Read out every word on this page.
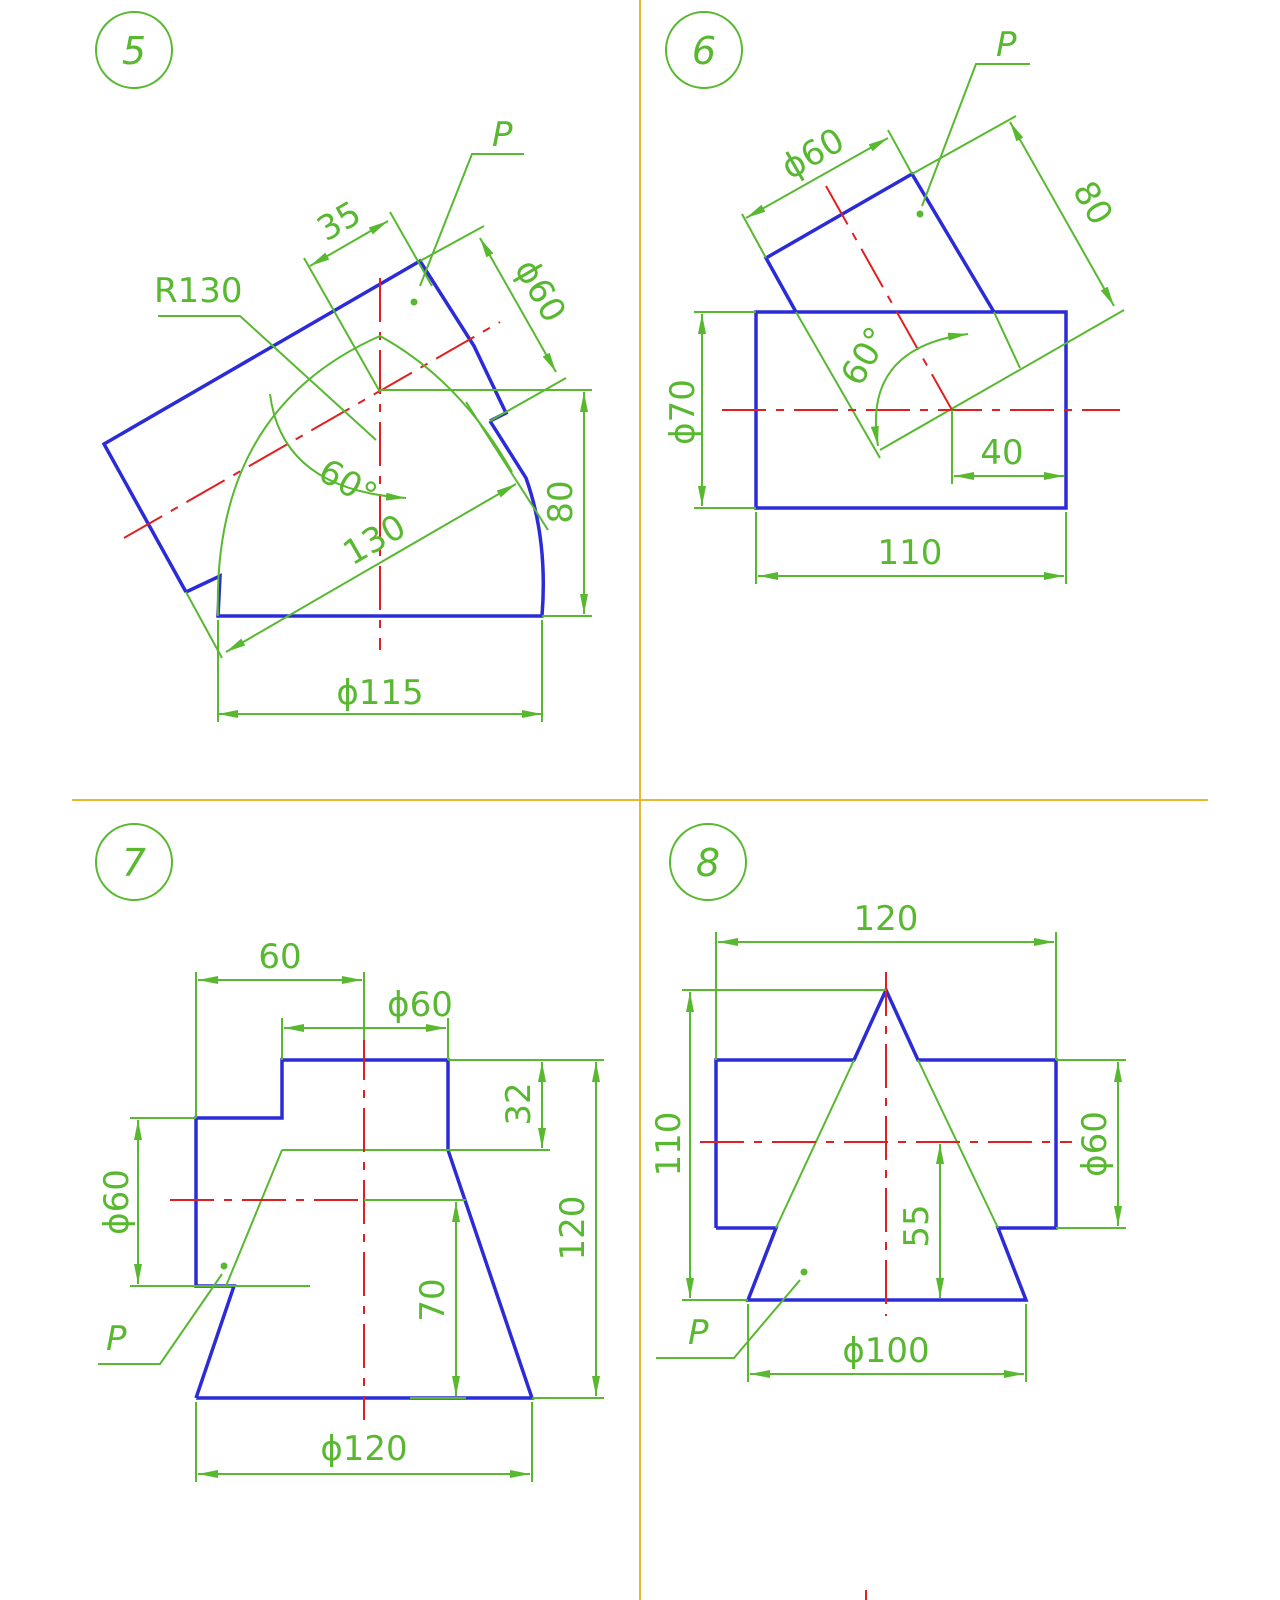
5
R130
60°
35
ϕ60
130
80
ϕ115
P
6
60°
ϕ60
80
ϕ70
40
110
P
7
60
ϕ60
32
120
70
ϕ60
ϕ120
P
8
120
110	ϕ60
55
ϕ100
P
